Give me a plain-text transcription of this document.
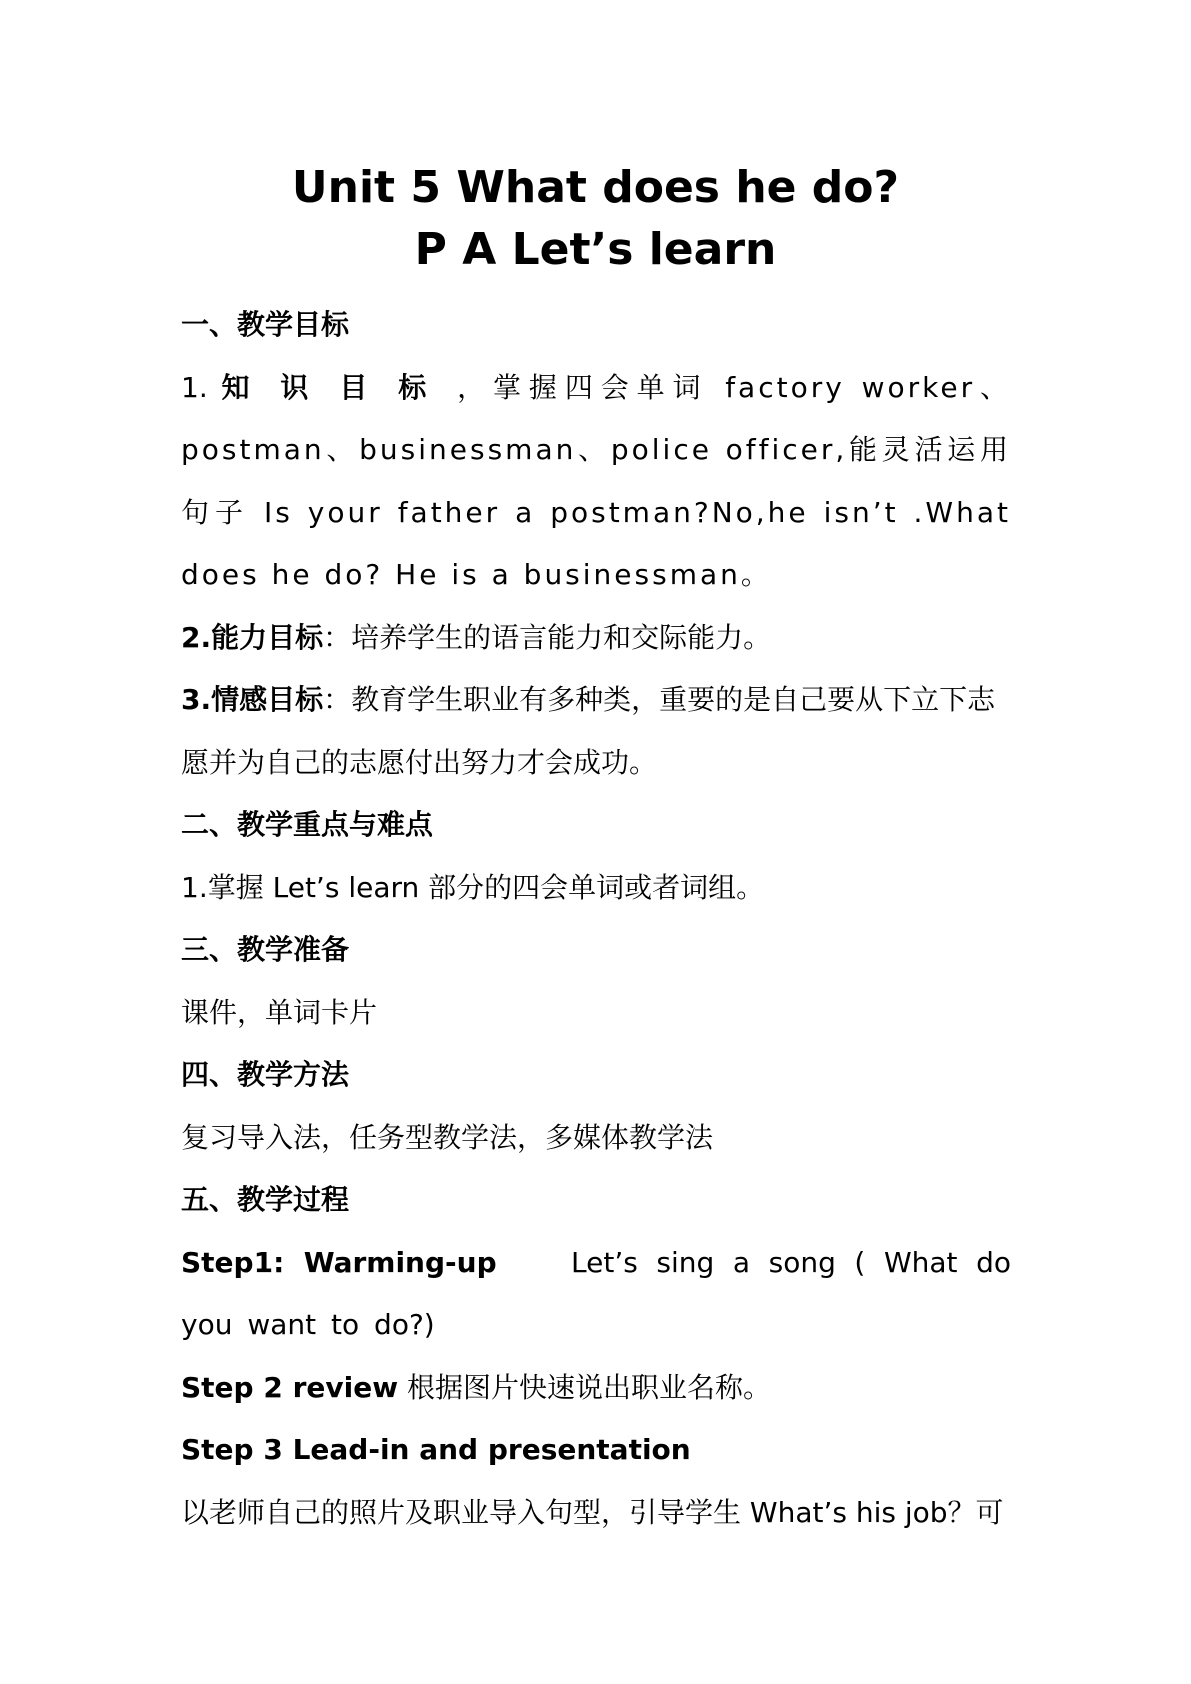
Unit 5 What does he do?
P A Let’s learn

一、教学目标

1. 知识目标，掌握四会单词 factory worker、postman、businessman、police officer,能灵活运用句子 Is your father a postman?No,he isn’t .What does he do? He is a businessman。

2.能力目标：培养学生的语言能力和交际能力。

3.情感目标：教育学生职业有多种类，重要的是自己要从下立下志愿并为自己的志愿付出努力才会成功。

二、教学重点与难点

1.掌握 Let’s learn 部分的四会单词或者词组。

三、教学准备

课件，单词卡片

四、教学方法

复习导入法，任务型教学法，多媒体教学法

五、教学过程

Step1: Warming-up	Let’s sing a song ( What do you want to do?)

Step 2 review 根据图片快速说出职业名称。

Step 3 Lead-in and presentation

以老师自己的照片及职业导入句型，引导学生 What’s his job？可
